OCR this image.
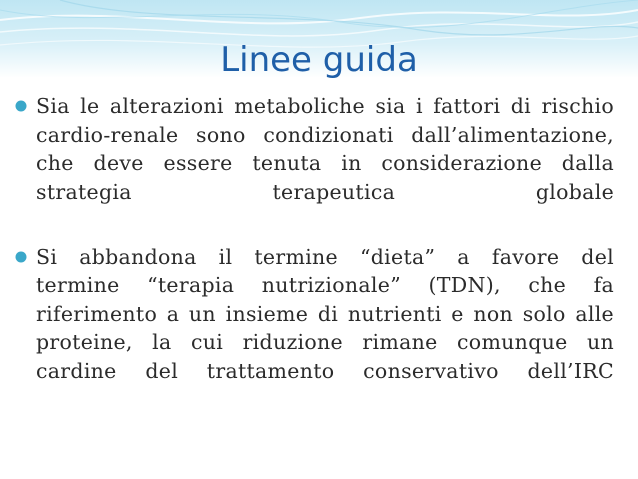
Linee guida
Sia le alterazioni metaboliche sia i fattori di rischio cardio-renale sono condizionati dall’alimentazione, che deve essere tenuta in considerazione dalla strategia terapeutica globale
Si abbandona il termine “dieta” a favore del termine “terapia nutrizionale” (TDN), che fa riferimento a un insieme di nutrienti e non solo alle proteine, la cui riduzione rimane comunque un cardine del trattamento conservativo dell’IRC
